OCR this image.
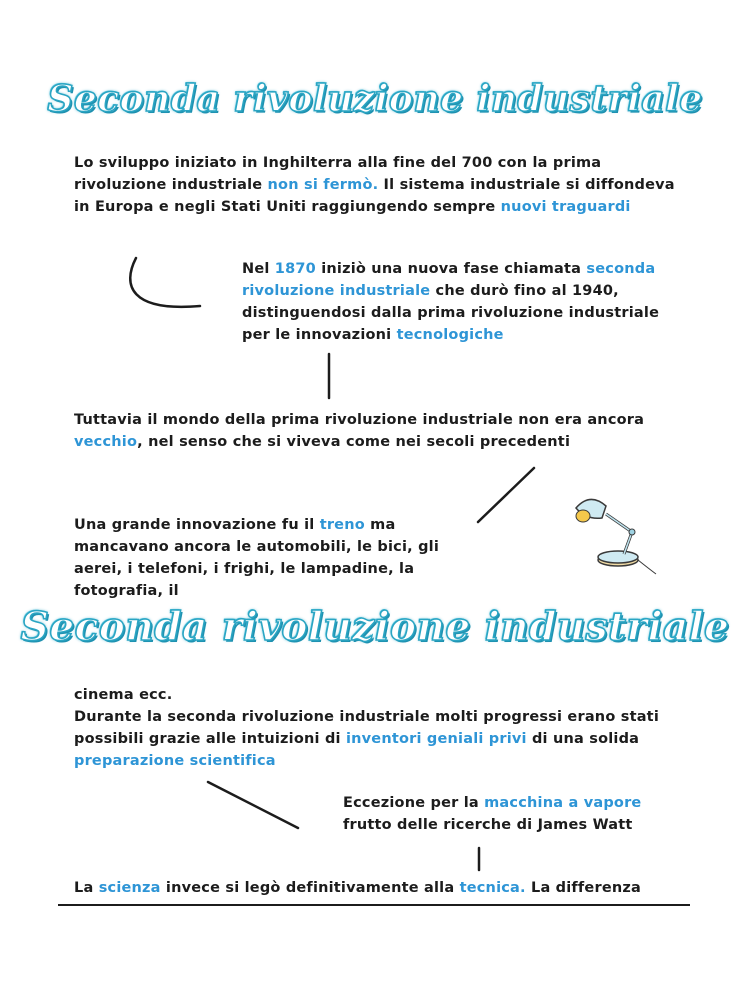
Seconda rivoluzione industriale

Lo sviluppo iniziato in Inghilterra alla fine del 700 con la prima rivoluzione industriale non si fermò. Il sistema industriale si diffondeva in Europa e negli Stati Uniti raggiungendo sempre nuovi traguardi

Nel 1870 iniziò una nuova fase chiamata seconda rivoluzione industriale che durò fino al 1940, distinguendosi dalla prima rivoluzione industriale per le innovazioni tecnologiche

Tuttavia il mondo della prima rivoluzione industriale non era ancora vecchio, nel senso che si viveva come nei secoli precedenti

Una grande innovazione fu il treno ma
mancavano ancora le automobili, le bici, gli
aerei, i telefoni, i frighi, le lampadine, la fotografia, il

Seconda rivoluzione industriale

cinema ecc.
Durante la seconda rivoluzione industriale molti progressi erano stati possibili grazie alle intuizioni di inventori geniali privi di una solida preparazione scientifica

Eccezione per la macchina a vapore
frutto delle ricerche di James Watt

La scienza invece si legò definitivamente alla tecnica. La differenza
